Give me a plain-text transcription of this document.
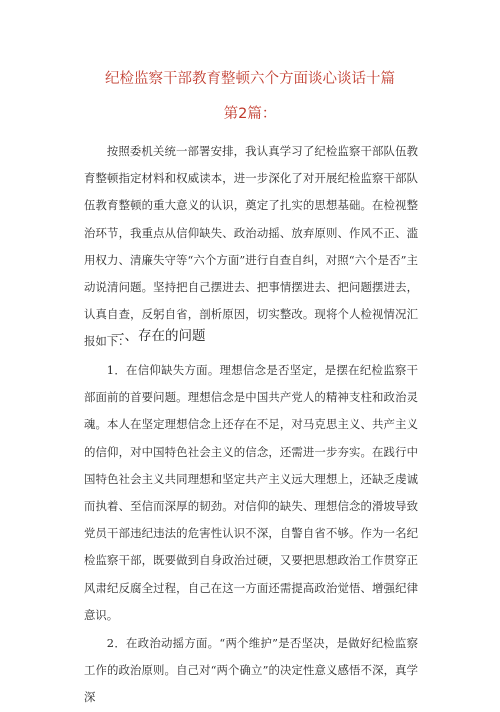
纪检监察干部教育整顿六个方面谈心谈话十篇
第2篇：
按照委机关统一部署安排，我认真学习了纪检监察干部队伍教育整顿指定材料和权威读本，进一步深化了对开展纪检监察干部队伍教育整顿的重大意义的认识，奠定了扎实的思想基础。在检视整治环节，我重点从信仰缺失、政治动摇、放弃原则、作风不正、滥用权力、清廉失守等“六个方面”进行自查自纠，对照“六个是否”主动说清问题。坚持把自己摆进去、把事情摆进去、把问题摆进去，认真自查，反躬自省，剖析原因，切实整改。现将个人检视情况汇报如下：
一、存在的问题
1．在信仰缺失方面。理想信念是否坚定，是摆在纪检监察干部面前的首要问题。理想信念是中国共产党人的精神支柱和政治灵魂。本人在坚定理想信念上还存在不足，对马克思主义、共产主义的信仰，对中国特色社会主义的信念，还需进一步夯实。在践行中国特色社会主义共同理想和坚定共产主义远大理想上，还缺乏虔诚而执着、至信而深厚的韧劲。对信仰的缺失、理想信念的滑坡导致党员干部违纪违法的危害性认识不深，自警自省不够。作为一名纪检监察干部，既要做到自身政治过硬，又要把思想政治工作贯穿正风肃纪反腐全过程，自己在这一方面还需提高政治觉悟、增强纪律意识。
2．在政治动摇方面。“两个维护”是否坚决，是做好纪检监察工作的政治原则。自己对“两个确立”的决定性意义感悟不深，真学深
